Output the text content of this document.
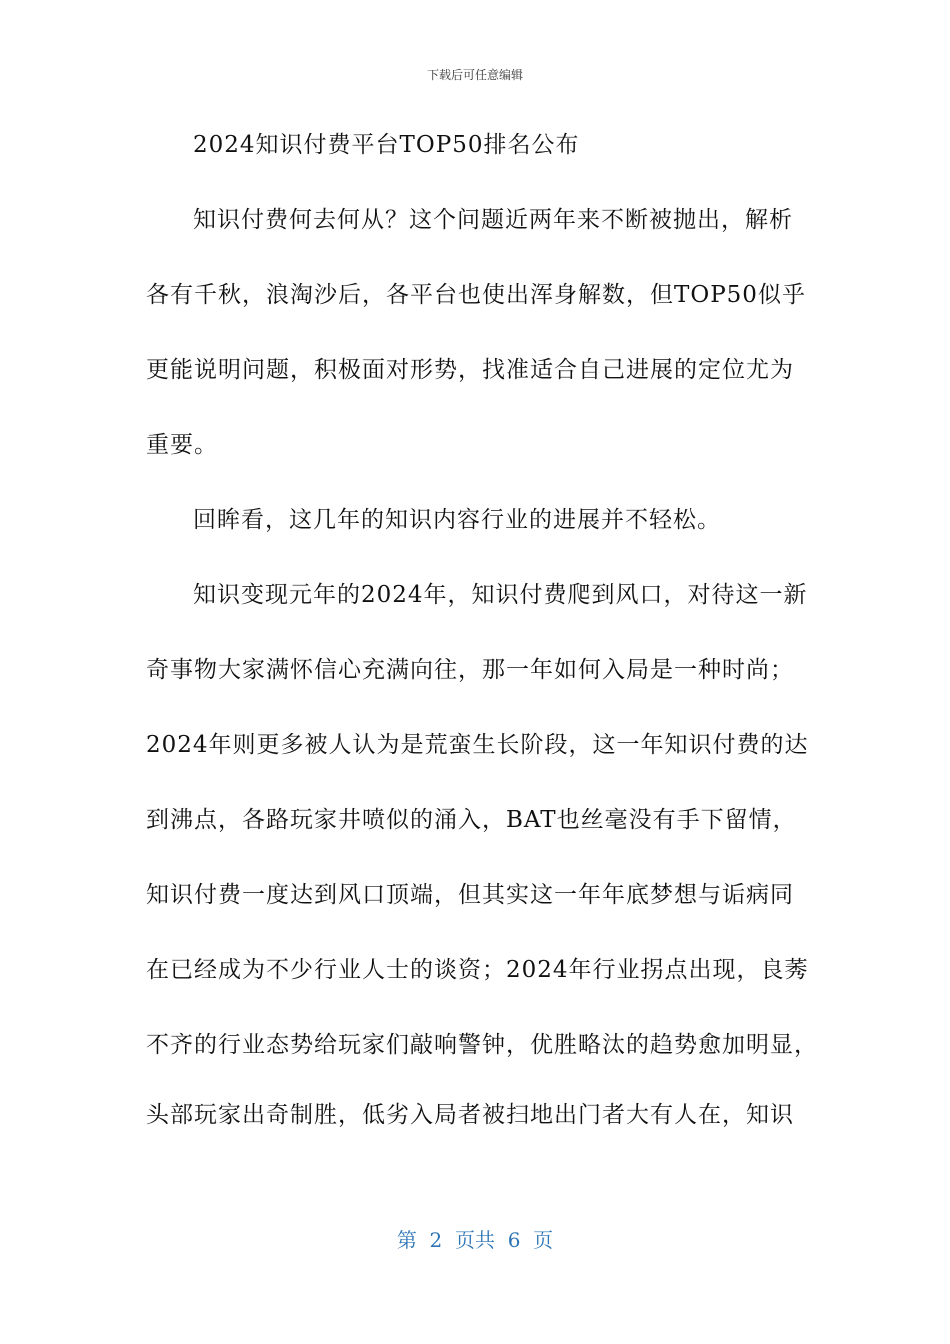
下载后可任意编辑
2024知识付费平台TOP50排名公布
知识付费何去何从？这个问题近两年来不断被抛出，解析
各有千秋，浪淘沙后，各平台也使出浑身解数，但TOP50似乎
更能说明问题，积极面对形势，找准适合自己进展的定位尤为
重要。
回眸看，这几年的知识内容行业的进展并不轻松。
知识变现元年的2024年，知识付费爬到风口，对待这一新
奇事物大家满怀信心充满向往，那一年如何入局是一种时尚；
2024年则更多被人认为是荒蛮生长阶段，这一年知识付费的达
到沸点，各路玩家井喷似的涌入，BAT也丝毫没有手下留情，
知识付费一度达到风口顶端，但其实这一年年底梦想与诟病同
在已经成为不少行业人士的谈资；2024年行业拐点出现，良莠
不齐的行业态势给玩家们敲响警钟，优胜略汰的趋势愈加明显，
头部玩家出奇制胜，低劣入局者被扫地出门者大有人在，知识
第  2  页共  6  页
